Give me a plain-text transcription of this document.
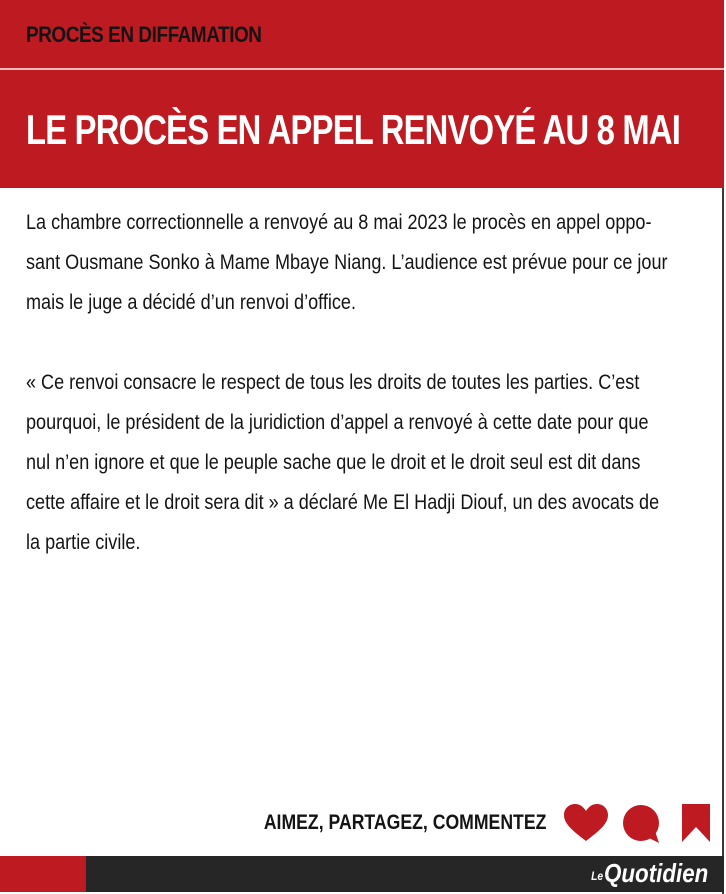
PROCÈS EN DIFFAMATION
LE PROCÈS EN APPEL RENVOYÉ AU 8 MAI

La chambre correctionnelle a renvoyé au 8 mai 2023 le procès en appel oppo-
sant Ousmane Sonko à Mame Mbaye Niang. L’audience est prévue pour ce jour
mais le juge a décidé d’un renvoi d’office.

« Ce renvoi consacre le respect de tous les droits de toutes les parties. C’est
pourquoi, le président de la juridiction d’appel a renvoyé à cette date pour que
nul n’en ignore et que le peuple sache que le droit et le droit seul est dit dans
cette affaire et le droit sera dit » a déclaré Me El Hadji Diouf, un des avocats de
la partie civile.

AIMEZ, PARTAGEZ, COMMENTEZ
LeQuotidien
